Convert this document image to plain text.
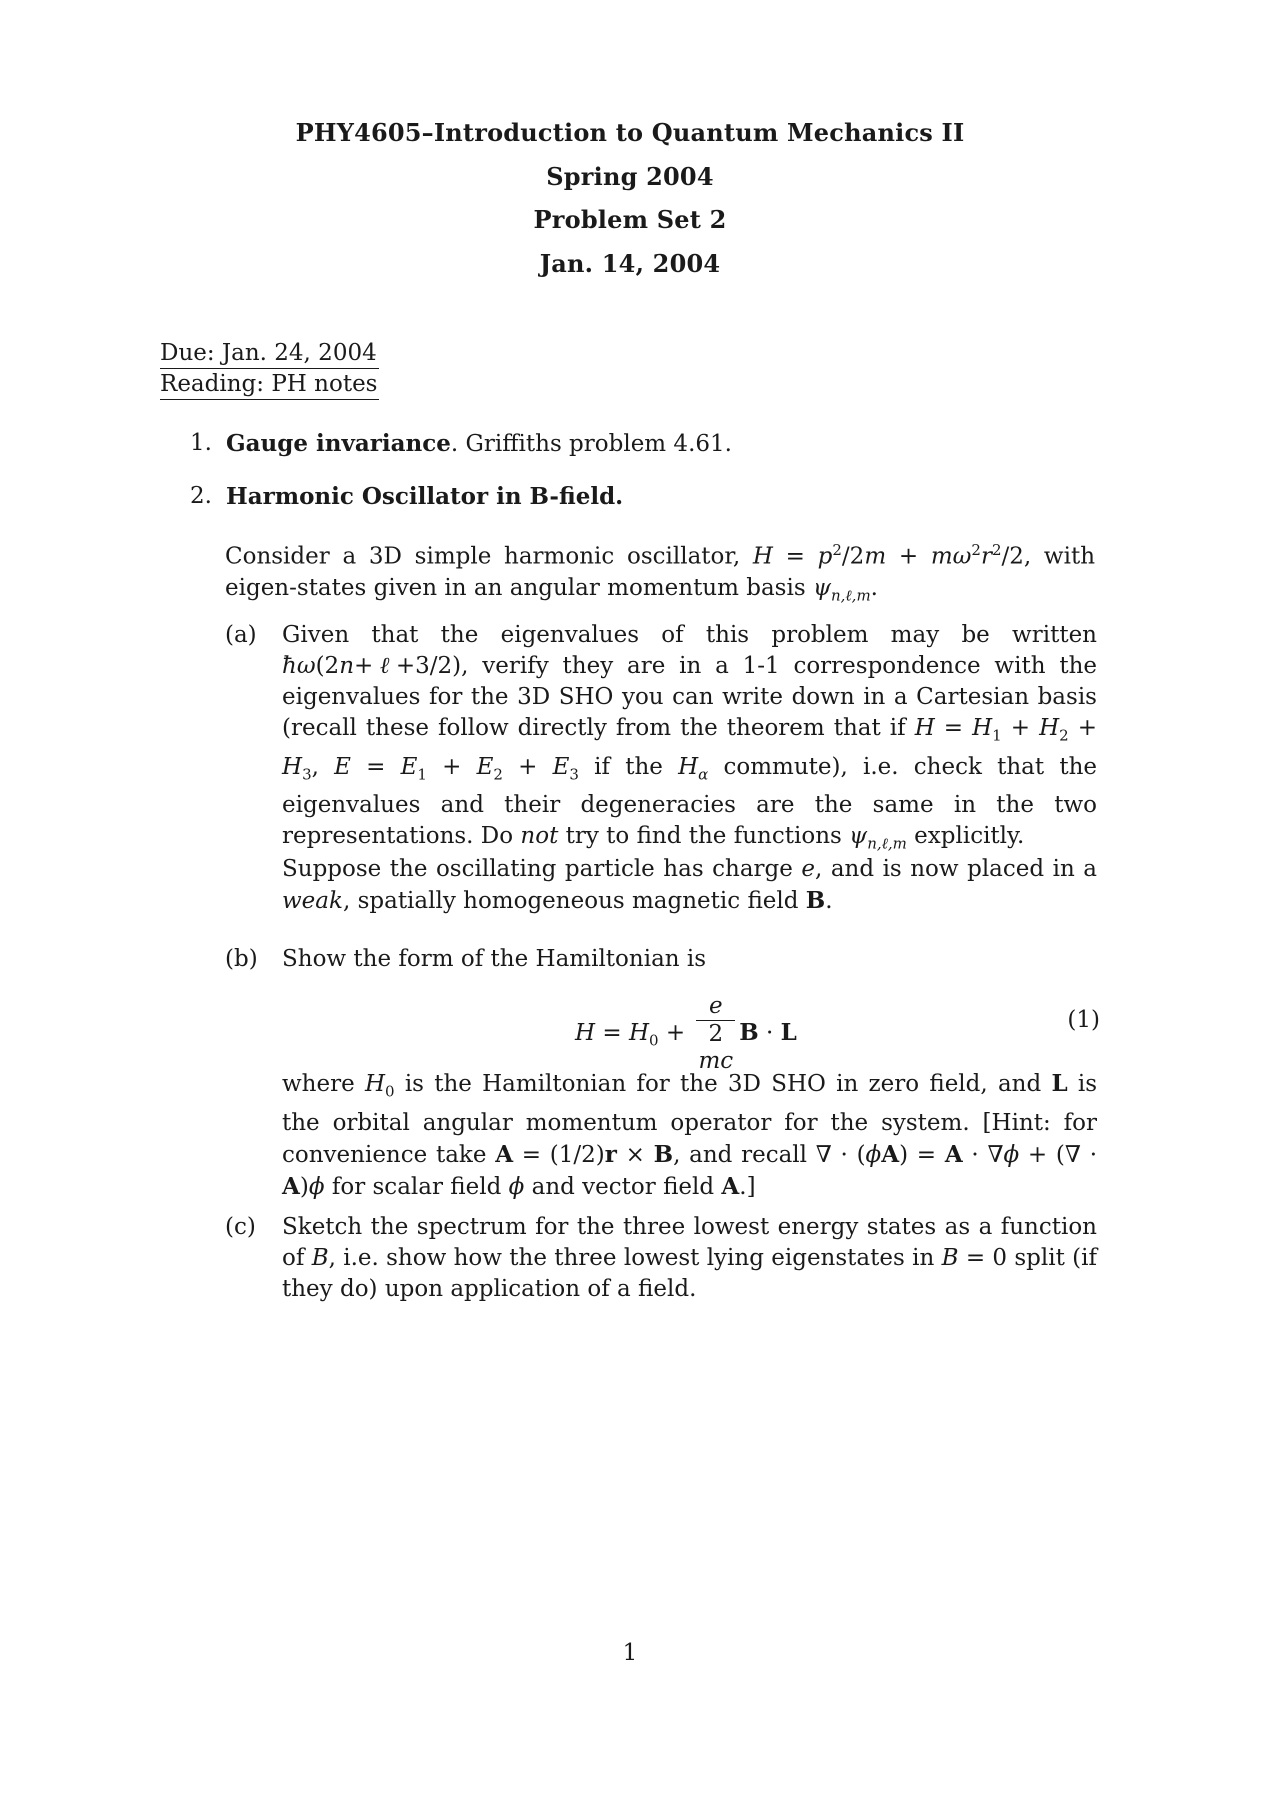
PHY4605–Introduction to Quantum Mechanics II
Spring 2004
Problem Set 2
Jan. 14, 2004
Due: Jan. 24, 2004
Reading: PH notes
1. Gauge invariance. Griffiths problem 4.61.
2. Harmonic Oscillator in B-field.
Consider a 3D simple harmonic oscillator, $H = p^2/2m + m\omega^2r^2/2$, with eigen-states given in an angular momentum basis $\psi_{n,\ell,m}$.
(a) Given that the eigenvalues of this problem may be written ħω(2n+ℓ+3/2), verify they are in a 1-1 correspondence with the eigenvalues for the 3D SHO you can write down in a Cartesian basis (recall these follow directly from the theorem that if $H = H_1 + H_2 + H_3$, $E = E_1 + E_2 + E_3$ if the $H_\alpha$ commute), i.e. check that the eigenvalues and their degeneracies are the same in the two representations. Do not try to find the functions $\psi_{n,\ell,m}$ explicitly.
Suppose the oscillating particle has charge e, and is now placed in a weak, spatially homogeneous magnetic field B.
(b) Show the form of the Hamiltonian is
$H = H_0 + e$
2
mc B · L	(1)
where $H_0$ is the Hamiltonian for the 3D SHO in zero field, and L is the orbital angular momentum operator for the system. [Hint: for convenience take A = (1/2)r × B, and recall ∇ · (ϕA) = A · ∇ϕ + (∇ · A)ϕ for scalar field ϕ and vector field A.]
(c) Sketch the spectrum for the three lowest energy states as a function of B, i.e. show how the three lowest lying eigenstates in B = 0 split (if they do) upon application of a field.
1
